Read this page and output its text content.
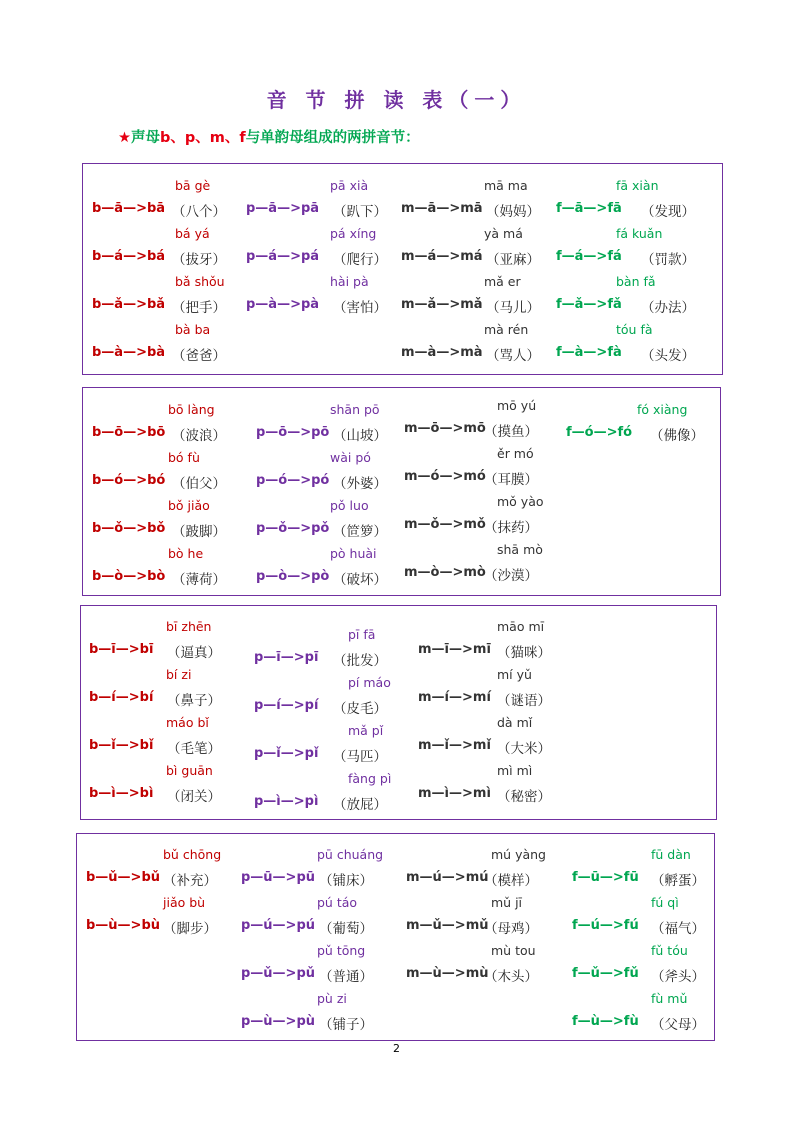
音 节 拼 读 表（一）
★声母b、p、m、f与单韵母组成的两拼音节：
2
bā gè
b—ā—>bā （八个）
bá yá
b—á—>bá （拔牙）
bǎ shǒu
b—ǎ—>bǎ （把手）
bà ba
b—à—>bà （爸爸）
pā xià
p—ā—>pā （趴下）
pá xíng
p—á—>pá （爬行）
hài pà
p—à—>pà （害怕）
mā ma
m—ā—>mā （妈妈）
yà má
m—á—>má （亚麻）
mǎ er
m—ǎ—>mǎ （马儿）
mà rén
m—à—>mà （骂人）
fā xiàn
f—ā—>fā （发现）
fá kuǎn
f—á—>fá （罚款）
bàn fǎ
f—ǎ—>fǎ （办法）
tóu fà
f—à—>fà （头发）
bō làng
b—ō—>bō （波浪）
bó fù
b—ó—>bó （伯父）
bǒ jiǎo
b—ǒ—>bǒ （跛脚）
bò he
b—ò—>bò （薄荷）
shān pō
p—ō—>pō （山坡）
wài pó
p—ó—>pó （外婆）
pǒ luo
p—ǒ—>pǒ （笸箩）
pò huài
p—ò—>pò （破坏）
mō yú
m—ō—>mō
（摸鱼）
ěr mó
m—ó—>mó
（耳膜）
mǒ yào
m—ǒ—>mǒ
（抹药）
shā mò
m—ò—>mò
（沙漠）
fó xiàng
f—ó—>fó （佛像）
bī zhēn
b—ī—>bī （逼真）
bí zi
b—í—>bí （鼻子）
máo bǐ
b—ǐ—>bǐ （毛笔）
bì guān
b—ì—>bì （闭关）
pī fā
p—ī—>pī （批发）
pí máo
p—í—>pí （皮毛）
mǎ pǐ
p—ǐ—>pǐ （马匹）
fàng pì
p—ì—>pì （放屁）
māo mī
m—ī—>mī （猫咪）
mí yǔ
m—í—>mí （谜语）
dà mǐ
m—ǐ—>mǐ （大米）
mì mì
m—ì—>mì （秘密）
bǔ chōng
b—ǔ—>bǔ （补充）
jiǎo bù
b—ù—>bù （脚步）
pū chuáng
p—ū—>pū （铺床）
pú táo
p—ú—>pú （葡萄）
pǔ tōng
p—ǔ—>pǔ （普通）
pù zi
p—ù—>pù （铺子）
mú yàng
m—ú—>mú
（模样）
mǔ jī
m—ǔ—>mǔ
（母鸡）
mù tou
m—ù—>mù
（木头）
fū dàn
f—ū—>fū （孵蛋）
fú qì
f—ú—>fú （福气）
fǔ tóu
f—ǔ—>fǔ （斧头）
fù mǔ
f—ù—>fù （父母）
